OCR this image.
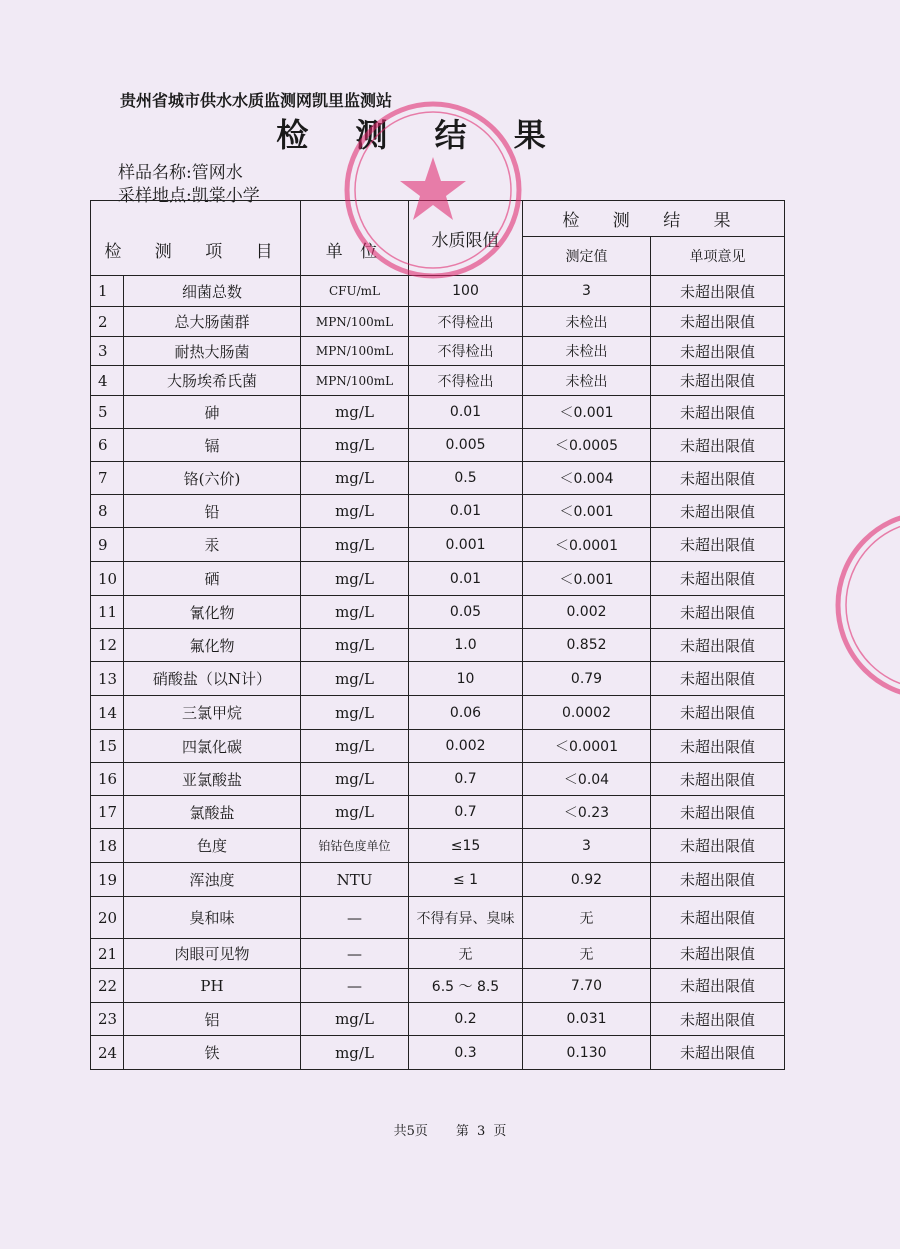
贵州省城市供水水质监测网凯里监测站
检 测 结 果
样品名称:管网水
采样地点:凯棠小学
检 测 项 目		单 位	水质限值	检 测 结 果	
				测定值	单项意见
1	细菌总数	CFU/mL	100	3	未超出限值
2	总大肠菌群	MPN/100mL	不得检出	未检出	未超出限值
3	耐热大肠菌	MPN/100mL	不得检出	未检出	未超出限值
4	大肠埃希氏菌	MPN/100mL	不得检出	未检出	未超出限值
5	砷	mg/L	0.01	＜0.001	未超出限值
6	镉	mg/L	0.005	＜0.0005	未超出限值
7	铬(六价)	mg/L	0.5	＜0.004	未超出限值
8	铅	mg/L	0.01	＜0.001	未超出限值
9	汞	mg/L	0.001	＜0.0001	未超出限值
10	硒	mg/L	0.01	＜0.001	未超出限值
11	氰化物	mg/L	0.05	0.002	未超出限值
12	氟化物	mg/L	1.0	0.852	未超出限值
13	硝酸盐（以N计）	mg/L	10	0.79	未超出限值
14	三氯甲烷	mg/L	0.06	0.0002	未超出限值
15	四氯化碳	mg/L	0.002	＜0.0001	未超出限值
16	亚氯酸盐	mg/L	0.7	＜0.04	未超出限值
17	氯酸盐	mg/L	0.7	＜0.23	未超出限值
18	色度	铂钴色度单位	≤15	3	未超出限值
19	浑浊度	NTU	≤ 1	0.92	未超出限值
20	臭和味	—	不得有异、臭味	无	未超出限值
21	肉眼可见物	—	无	无	未超出限值
22	PH	—	6.5 ～ 8.5	7.70	未超出限值
23	铝	mg/L	0.2	0.031	未超出限值
24	铁	mg/L	0.3	0.130	未超出限值
共5页 第 3 页
